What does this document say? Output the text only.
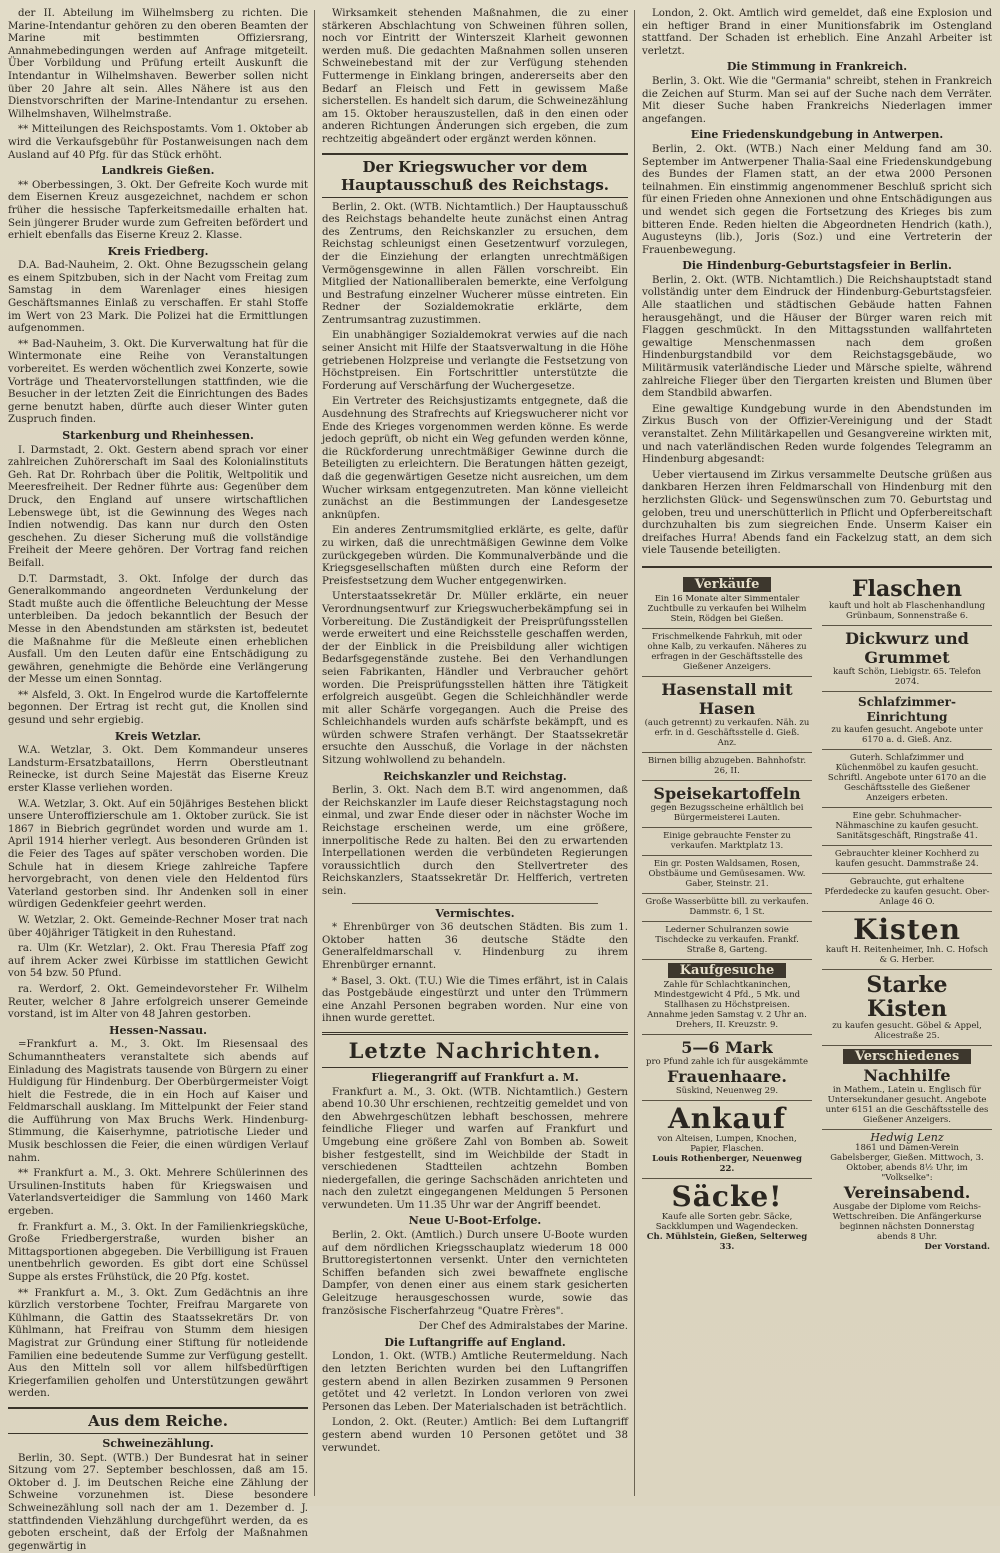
der II. Abteilung im Wilhelmsberg zu richten. Die Marine-Intendantur gehören zu den oberen Beamten der Marine mit bestimmten Offiziersrang, Annahmebedingungen werden auf Anfrage mitgeteilt. Über Vorbildung und Prüfung erteilt Auskunft die Intendantur in Wilhelmshaven. Bewerber sollen nicht über 20 Jahre alt sein. Alles Nähere ist aus den Dienstvorschriften der Marine-Intendantur zu ersehen. Wilhelmshaven, Wilhelmstraße.

** Mitteilungen des Reichspostamts. Vom 1. Oktober ab wird die Verkaufsgebühr für Postanweisungen nach dem Ausland auf 40 Pfg. für das Stück erhöht.

Landkreis Gießen.

** Oberbessingen, 3. Okt. Der Gefreite Koch wurde mit dem Eisernen Kreuz ausgezeichnet, nachdem er schon früher die hessische Tapferkeitsmedaille erhalten hat. Sein jüngerer Bruder wurde zum Gefreiten befördert und erhielt ebenfalls das Eiserne Kreuz 2. Klasse.

Kreis Friedberg.

D.A. Bad-Nauheim, 2. Okt. Ohne Bezugsschein gelang es einem Spitzbuben, sich in der Nacht vom Freitag zum Samstag in dem Warenlager eines hiesigen Geschäftsmannes Einlaß zu verschaffen. Er stahl Stoffe im Wert von 23 Mark. Die Polizei hat die Ermittlungen aufgenommen.

** Bad-Nauheim, 3. Okt. Die Kurverwaltung hat für die Wintermonate eine Reihe von Veranstaltungen vorbereitet. Es werden wöchentlich zwei Konzerte, sowie Vorträge und Theatervorstellungen stattfinden, wie die Besucher in der letzten Zeit die Einrichtungen des Bades gerne benutzt haben, dürfte auch dieser Winter guten Zuspruch finden.

Starkenburg und Rheinhessen.

I. Darmstadt, 2. Okt. Gestern abend sprach vor einer zahlreichen Zuhörerschaft im Saal des Kolonialinstituts Geh. Rat Dr. Rohrbach über die Politik, Weltpolitik und Meeresfreiheit. Der Redner führte aus: Gegenüber dem Druck, den England auf unsere wirtschaftlichen Lebenswege übt, ist die Gewinnung des Weges nach Indien notwendig. Das kann nur durch den Osten geschehen. Zu dieser Sicherung muß die vollständige Freiheit der Meere gehören. Der Vortrag fand reichen Beifall.

D.T. Darmstadt, 3. Okt. Infolge der durch das Generalkommando angeordneten Verdunkelung der Stadt mußte auch die öffentliche Beleuchtung der Messe unterbleiben. Da jedoch bekanntlich der Besuch der Messe in den Abendstunden am stärksten ist, bedeutet die Maßnahme für die Meßleute einen erheblichen Ausfall. Um den Leuten dafür eine Entschädigung zu gewähren, genehmigte die Behörde eine Verlängerung der Messe um einen Sonntag.

** Alsfeld, 3. Okt. In Engelrod wurde die Kartoffelernte begonnen. Der Ertrag ist recht gut, die Knollen sind gesund und sehr ergiebig.

Kreis Wetzlar.

W.A. Wetzlar, 3. Okt. Dem Kommandeur unseres Landsturm-Ersatzbataillons, Herrn Oberstleutnant Reinecke, ist durch Seine Majestät das Eiserne Kreuz erster Klasse verliehen worden.

W.A. Wetzlar, 3. Okt. Auf ein 50jähriges Bestehen blickt unsere Unteroffizierschule am 1. Oktober zurück. Sie ist 1867 in Biebrich gegründet worden und wurde am 1. April 1914 hierher verlegt. Aus besonderen Gründen ist die Feier des Tages auf später verschoben worden. Die Schule hat in diesem Kriege zahlreiche Tapfere hervorgebracht, von denen viele den Heldentod fürs Vaterland gestorben sind. Ihr Andenken soll in einer würdigen Gedenkfeier geehrt werden.

W. Wetzlar, 2. Okt. Gemeinde-Rechner Moser trat nach über 40jähriger Tätigkeit in den Ruhestand.

ra. Ulm (Kr. Wetzlar), 2. Okt. Frau Theresia Pfaff zog auf ihrem Acker zwei Kürbisse im stattlichen Gewicht von 54 bzw. 50 Pfund.

ra. Werdorf, 2. Okt. Gemeindevorsteher Fr. Wilhelm Reuter, welcher 8 Jahre erfolgreich unserer Gemeinde vorstand, ist im Alter von 48 Jahren gestorben.

Hessen-Nassau.

=Frankfurt a. M., 3. Okt. Im Riesensaal des Schumanntheaters veranstaltete sich abends auf Einladung des Magistrats tausende von Bürgern zu einer Huldigung für Hindenburg. Der Oberbürgermeister Voigt hielt die Festrede, die in ein Hoch auf Kaiser und Feldmarschall ausklang. Im Mittelpunkt der Feier stand die Aufführung von Max Bruchs Werk. Hindenburg-Stimmung, die Kaiserhymne, patriotische Lieder und Musik beschlossen die Feier, die einen würdigen Verlauf nahm.

** Frankfurt a. M., 3. Okt. Mehrere Schülerinnen des Ursulinen-Instituts haben für Kriegswaisen und Vaterlandsverteidiger die Sammlung von 1460 Mark ergeben.

fr. Frankfurt a. M., 3. Okt. In der Familienkriegsküche, Große Friedbergerstraße, wurden bisher an Mittagsportionen abgegeben. Die Verbilligung ist Frauen unentbehrlich geworden. Es gibt dort eine Schüssel Suppe als erstes Frühstück, die 20 Pfg. kostet.

** Frankfurt a. M., 3. Okt. Zum Gedächtnis an ihre kürzlich verstorbene Tochter, Freifrau Margarete von Kühlmann, die Gattin des Staatssekretärs Dr. von Kühlmann, hat Freifrau von Stumm dem hiesigen Magistrat zur Gründung einer Stiftung für notleidende Familien eine bedeutende Summe zur Verfügung gestellt. Aus den Mitteln soll vor allem hilfsbedürftigen Kriegerfamilien geholfen und Unterstützungen gewährt werden.

Aus dem Reiche.
Schweinezählung.

Berlin, 30. Sept. (WTB.) Der Bundesrat hat in seiner Sitzung vom 27. September beschlossen, daß am 15. Oktober d. J. im Deutschen Reiche eine Zählung der Schweine vorzunehmen ist. Diese besondere Schweinezählung soll nach der am 1. Dezember d. J. stattfindenden Viehzählung durchgeführt werden, da es geboten erscheint, daß der Erfolg der Maßnahmen gegenwärtig in

Wirksamkeit stehenden Maßnahmen, die zu einer stärkeren Abschlachtung von Schweinen führen sollen, noch vor Eintritt der Winterszeit Klarheit gewonnen werden muß. Die gedachten Maßnahmen sollen unseren Schweinebestand mit der zur Verfügung stehenden Futtermenge in Einklang bringen, andererseits aber den Bedarf an Fleisch und Fett in gewissem Maße sicherstellen. Es handelt sich darum, die Schweinezählung am 15. Oktober herauszustellen, daß in den einen oder anderen Richtungen Änderungen sich ergeben, die zum rechtzeitig abgeändert oder ergänzt werden können.

Der Kriegswucher vor dem Hauptausschuß des Reichstags.

Berlin, 2. Okt. (WTB. Nichtamtlich.) Der Hauptausschuß des Reichstags behandelte heute zunächst einen Antrag des Zentrums, den Reichskanzler zu ersuchen, dem Reichstag schleunigst einen Gesetzentwurf vorzulegen, der die Einziehung der erlangten unrechtmäßigen Vermögensgewinne in allen Fällen vorschreibt. Ein Mitglied der Nationalliberalen bemerkte, eine Verfolgung und Bestrafung einzelner Wucherer müsse eintreten. Ein Redner der Sozialdemokratie erklärte, dem Zentrumsantrag zuzustimmen.

Ein unabhängiger Sozialdemokrat verwies auf die nach seiner Ansicht mit Hilfe der Staatsverwaltung in die Höhe getriebenen Holzpreise und verlangte die Festsetzung von Höchstpreisen. Ein Fortschrittler unterstützte die Forderung auf Verschärfung der Wuchergesetze.

Ein Vertreter des Reichsjustizamts entgegnete, daß die Ausdehnung des Strafrechts auf Kriegswucherer nicht vor Ende des Krieges vorgenommen werden könne. Es werde jedoch geprüft, ob nicht ein Weg gefunden werden könne, die Rückforderung unrechtmäßiger Gewinne durch die Beteiligten zu erleichtern. Die Beratungen hätten gezeigt, daß die gegenwärtigen Gesetze nicht ausreichen, um dem Wucher wirksam entgegenzutreten. Man könne vielleicht zunächst an die Bestimmungen der Landesgesetze anknüpfen.

Ein anderes Zentrumsmitglied erklärte, es gelte, dafür zu wirken, daß die unrechtmäßigen Gewinne dem Volke zurückgegeben würden. Die Kommunalverbände und die Kriegsgesellschaften müßten durch eine Reform der Preisfestsetzung dem Wucher entgegenwirken.

Unterstaatssekretär Dr. Müller erklärte, ein neuer Verordnungsentwurf zur Kriegswucherbekämpfung sei in Vorbereitung. Die Zuständigkeit der Preisprüfungsstellen werde erweitert und eine Reichsstelle geschaffen werden, der der Einblick in die Preisbildung aller wichtigen Bedarfsgegenstände zustehe. Bei den Verhandlungen seien Fabrikanten, Händler und Verbraucher gehört worden. Die Preisprüfungsstellen hätten ihre Tätigkeit erfolgreich ausgeübt. Gegen die Schleichhändler werde mit aller Schärfe vorgegangen. Auch die Preise des Schleichhandels wurden aufs schärfste bekämpft, und es würden schwere Strafen verhängt. Der Staatssekretär ersuchte den Ausschuß, die Vorlage in der nächsten Sitzung wohlwollend zu behandeln.

Reichskanzler und Reichstag.

Berlin, 3. Okt. Nach dem B.T. wird angenommen, daß der Reichskanzler im Laufe dieser Reichstagstagung noch einmal, und zwar Ende dieser oder in nächster Woche im Reichstage erscheinen werde, um eine größere, innerpolitische Rede zu halten. Bei den zu erwartenden Interpellationen werden die verbündeten Regierungen voraussichtlich durch den Stellvertreter des Reichskanzlers, Staatssekretär Dr. Helfferich, vertreten sein.

Vermischtes.

* Ehrenbürger von 36 deutschen Städten. Bis zum 1. Oktober hatten 36 deutsche Städte den Generalfeldmarschall v. Hindenburg zu ihrem Ehrenbürger ernannt.

* Basel, 3. Okt. (T.U.) Wie die Times erfährt, ist in Calais das Postgebäude eingestürzt und unter den Trümmern eine Anzahl Personen begraben worden. Nur eine von ihnen wurde gerettet.

Letzte Nachrichten.
Fliegerangriff auf Frankfurt a. M.

Frankfurt a. M., 3. Okt. (WTB. Nichtamtlich.) Gestern abend 10.30 Uhr erschienen, rechtzeitig gemeldet und von den Abwehrgeschützen lebhaft beschossen, mehrere feindliche Flieger und warfen auf Frankfurt und Umgebung eine größere Zahl von Bomben ab. Soweit bisher festgestellt, sind im Weichbilde der Stadt in verschiedenen Stadtteilen achtzehn Bomben niedergefallen, die geringe Sachschäden anrichteten und nach den zuletzt eingegangenen Meldungen 5 Personen verwundeten. Um 11.35 Uhr war der Angriff beendet.

Neue U-Boot-Erfolge.

Berlin, 2. Okt. (Amtlich.) Durch unsere U-Boote wurden auf dem nördlichen Kriegsschauplatz wiederum 18 000 Bruttoregistertonnen versenkt. Unter den vernichteten Schiffen befanden sich zwei bewaffnete englische Dampfer, von denen einer aus einem stark gesicherten Geleitzuge herausgeschossen wurde, sowie das französische Fischerfahrzeug "Quatre Frères".

Der Chef des Admiralstabes der Marine.

Die Luftangriffe auf England.

London, 1. Okt. (WTB.) Amtliche Reutermeldung. Nach den letzten Berichten wurden bei den Luftangriffen gestern abend in allen Bezirken zusammen 9 Personen getötet und 42 verletzt. In London verloren von zwei Personen das Leben. Der Materialschaden ist beträchtlich.

London, 2. Okt. (Reuter.) Amtlich: Bei dem Luftangriff gestern abend wurden 10 Personen getötet und 38 verwundet.

London, 2. Okt. Amtlich wird gemeldet, daß eine Explosion und ein heftiger Brand in einer Munitionsfabrik im Ostengland stattfand. Der Schaden ist erheblich. Eine Anzahl Arbeiter ist verletzt.

Die Stimmung in Frankreich.

Berlin, 3. Okt. Wie die "Germania" schreibt, stehen in Frankreich die Zeichen auf Sturm. Man sei auf der Suche nach dem Verräter. Mit dieser Suche haben Frankreichs Niederlagen immer angefangen.

Eine Friedenskundgebung in Antwerpen.

Berlin, 2. Okt. (WTB.) Nach einer Meldung fand am 30. September im Antwerpener Thalia-Saal eine Friedenskundgebung des Bundes der Flamen statt, an der etwa 2000 Personen teilnahmen. Ein einstimmig angenommener Beschluß spricht sich für einen Frieden ohne Annexionen und ohne Entschädigungen aus und wendet sich gegen die Fortsetzung des Krieges bis zum bitteren Ende. Reden hielten die Abgeordneten Hendrich (kath.), Augusteyns (lib.), Joris (Soz.) und eine Vertreterin der Frauenbewegung.

Die Hindenburg-Geburtstagsfeier in Berlin.

Berlin, 2. Okt. (WTB. Nichtamtlich.) Die Reichshauptstadt stand vollständig unter dem Eindruck der Hindenburg-Geburtstagsfeier. Alle staatlichen und städtischen Gebäude hatten Fahnen herausgehängt, und die Häuser der Bürger waren reich mit Flaggen geschmückt. In den Mittagsstunden wallfahrteten gewaltige Menschenmassen nach dem großen Hindenburgstandbild vor dem Reichstagsgebäude, wo Militärmusik vaterländische Lieder und Märsche spielte, während zahlreiche Flieger über den Tiergarten kreisten und Blumen über dem Standbild abwarfen.

Eine gewaltige Kundgebung wurde in den Abendstunden im Zirkus Busch von der Offizier-Vereinigung und der Stadt veranstaltet. Zehn Militärkapellen und Gesangvereine wirkten mit, und nach vaterländischen Reden wurde folgendes Telegramm an Hindenburg abgesandt:

Ueber viertausend im Zirkus versammelte Deutsche grüßen aus dankbaren Herzen ihren Feldmarschall von Hindenburg mit den herzlichsten Glück- und Segenswünschen zum 70. Geburtstag und geloben, treu und unerschütterlich in Pflicht und Opferbereitschaft durchzuhalten bis zum siegreichen Ende. Unserm Kaiser ein dreifaches Hurra! Abends fand ein Fackelzug statt, an dem sich viele Tausende beteiligten.

Verkäufe
Ein 16 Monate alter Simmentaler Zuchtbulle zu verkaufen bei Wilhelm Stein, Rödgen bei Gießen.
Frischmelkende Fahrkuh, mit oder ohne Kalb, zu verkaufen. Näheres zu erfragen in der Geschäftsstelle des Gießener Anzeigers.
Hasenstall mit Hasen
(auch getrennt) zu verkaufen. Näh. zu erfr. in d. Geschäftsstelle d. Gieß. Anz.
Birnen billig abzugeben. Bahnhofstr. 26, II.
Speisekartoffeln
gegen Bezugsscheine erhältlich bei Bürgermeisterei Lauten.
Einige gebrauchte Fenster zu verkaufen. Marktplatz 13.
Ein gr. Posten Waldsamen, Rosen, Obstbäume und Gemüsesamen. Ww. Gaber, Steinstr. 21.
Große Wasserbütte bill. zu verkaufen. Dammstr. 6, 1 St.
Lederner Schulranzen sowie Tischdecke zu verkaufen. Frankf. Straße 8, Garteng.
Kaufgesuche
Zahle für Schlachtkaninchen, Mindestgewicht 4 Pfd., 5 Mk. und Stallhasen zu Höchstpreisen. Annahme jeden Samstag v. 2 Uhr an. Drehers, II. Kreuzstr. 9.
5—6 Mark
pro Pfund zahle ich für ausgekämmte
Frauenhaare.
Süskind, Neuenweg 29.
Ankauf
von Alteisen, Lumpen, Knochen, Papier, Flaschen.
Louis Rothenberger, Neuenweg 22.
Säcke!
Kaufe alle Sorten gebr. Säcke, Sackklumpen und Wagendecken.
Ch. Mühlstein, Gießen, Selterweg 33.
Flaschen
kauft und holt ab Flaschenhandlung Grünbaum, Sonnenstraße 6.
Dickwurz und Grummet
kauft Schön, Liebigstr. 65. Telefon 2074.
Schlafzimmer-Einrichtung
zu kaufen gesucht. Angebote unter 6170 a. d. Gieß. Anz.
Guterh. Schlafzimmer und Küchenmöbel zu kaufen gesucht. Schriftl. Angebote unter 6170 an die Geschäftsstelle des Gießener Anzeigers erbeten.
Eine gebr. Schuhmacher-Nähmaschine zu kaufen gesucht. Sanitätsgeschäft, Ringstraße 41.
Gebrauchter kleiner Kochherd zu kaufen gesucht. Dammstraße 24.
Gebrauchte, gut erhaltene Pferdedecke zu kaufen gesucht. Ober-Anlage 46 O.
Kisten
kauft H. Reitenheimer, Inh. C. Hofsch & G. Herber.
Starke Kisten
zu kaufen gesucht. Göbel & Appel, Alicestraße 25.
Verschiedenes
Nachhilfe
in Mathem., Latein u. Englisch für Untersekundaner gesucht. Angebote unter 6151 an die Geschäftsstelle des Gießener Anzeigers.
Hedwig Lenz
1861 und Damen-Verein Gabelsberger, Gießen. Mittwoch, 3. Oktober, abends 8½ Uhr, im "Volkselke":
Vereinsabend.
Ausgabe der Diplome vom Reichs-Wettschreiben. Die Anfängerkurse beginnen nächsten Donnerstag abends 8 Uhr.
Der Vorstand.
